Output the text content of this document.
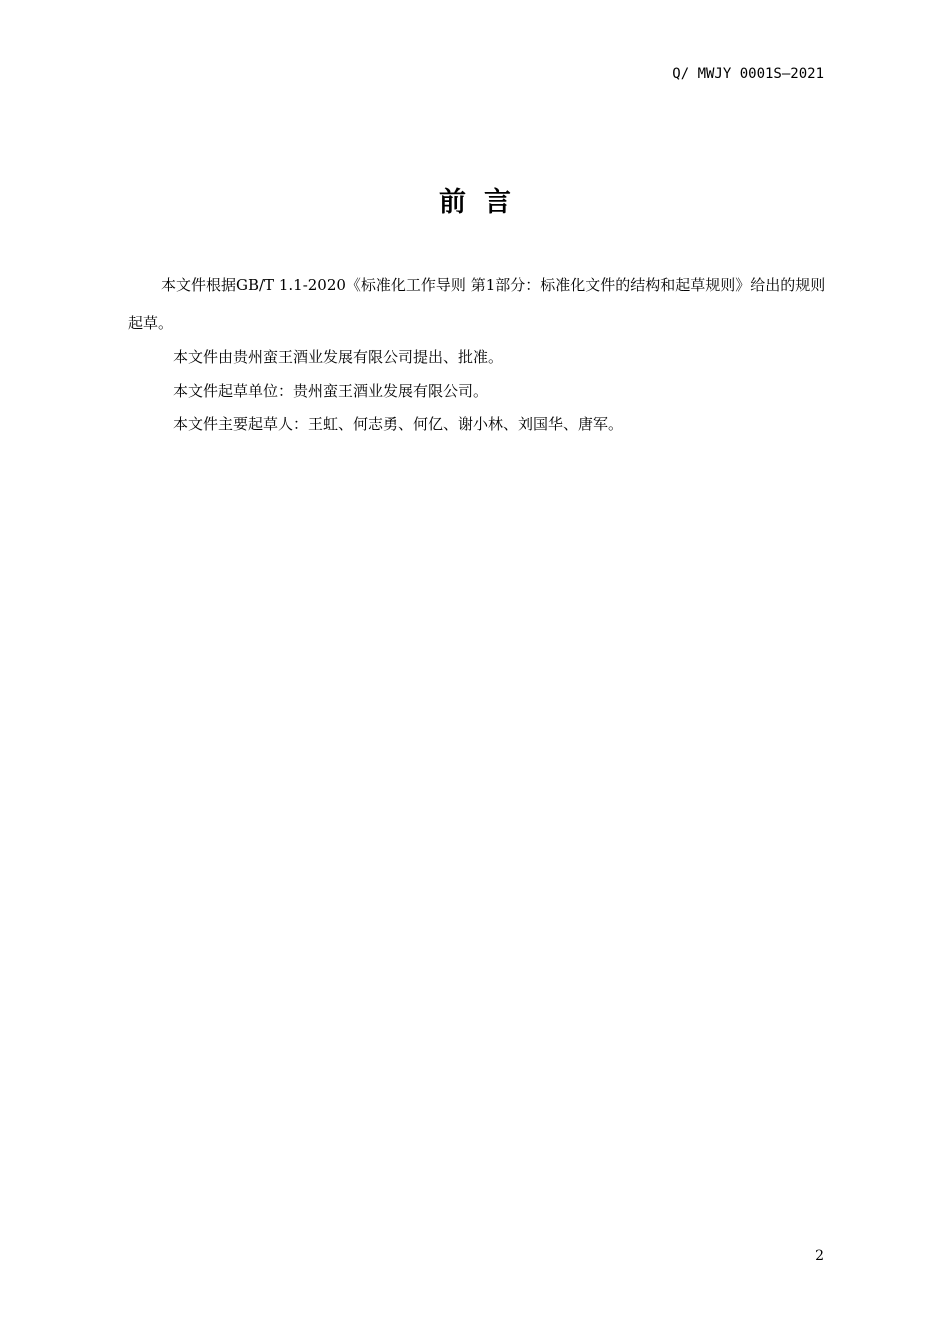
Q/ MWJY 0001S—2021
前言
本文件根据GB/T 1.1-2020《标准化工作导则 第1部分：标准化文件的结构和起草规则》给出的规则起草。
本文件由贵州蛮王酒业发展有限公司提出、批准。
本文件起草单位：贵州蛮王酒业发展有限公司。
本文件主要起草人：王虹、何志勇、何亿、谢小林、刘国华、唐军。
2
